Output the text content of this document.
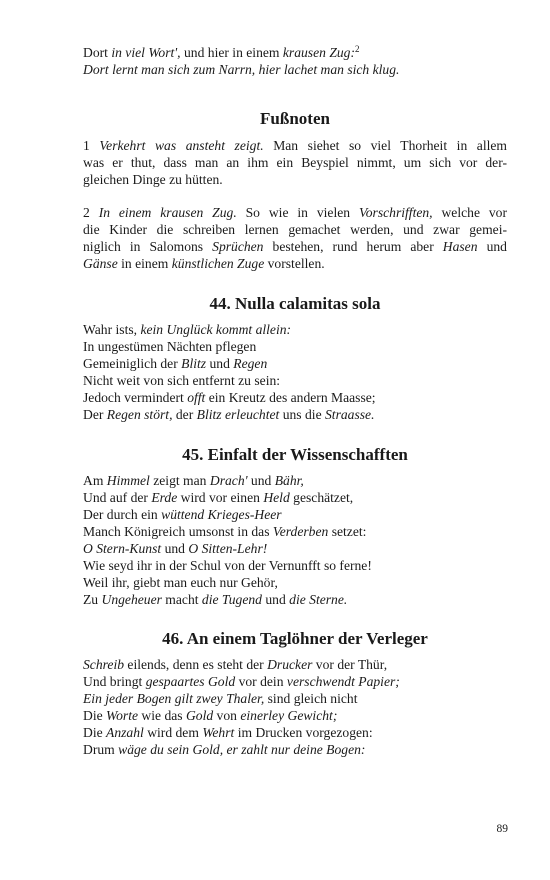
Dort in viel Wort', und hier in einem krausen Zug:$^2$
Dort lernt man sich zum Narrn, hier lachet man sich klug.
Fußnoten
1 Verkehrt was ansteht zeigt. Man siehet so viel Thorheit in allem
was er thut, dass man an ihm ein Beyspiel nimmt, um sich vor der-
gleichen Dinge zu hütten.
2 In einem krausen Zug. So wie in vielen Vorschrifften, welche vor
die Kinder die schreiben lernen gemachet werden, und zwar gemei-
niglich in Salomons Sprüchen bestehen, rund herum aber Hasen und
Gänse in einem künstlichen Zuge vorstellen.
44. Nulla calamitas sola
Wahr ists, kein Unglück kommt allein:
In ungestümen Nächten pflegen
Gemeiniglich der Blitz und Regen
Nicht weit von sich entfernt zu sein:
Jedoch vermindert offt ein Kreutz des andern Maasse;
Der Regen stört, der Blitz erleuchtet uns die Straasse.
45. Einfalt der Wissenschafften
Am Himmel zeigt man Drach' und Bähr,
Und auf der Erde wird vor einen Held geschätzet,
Der durch ein wüttend Krieges-Heer
Manch Königreich umsonst in das Verderben setzet:
O Stern-Kunst und O Sitten-Lehr!
Wie seyd ihr in der Schul von der Vernunfft so ferne!
Weil ihr, giebt man euch nur Gehör,
Zu Ungeheuer macht die Tugend und die Sterne.
46. An einem Taglöhner der Verleger
Schreib eilends, denn es steht der Drucker vor der Thür,
Und bringt gespaartes Gold vor dein verschwendt Papier;
Ein jeder Bogen gilt zwey Thaler, sind gleich nicht
Die Worte wie das Gold von einerley Gewicht;
Die Anzahl wird dem Wehrt im Drucken vorgezogen:
Drum wäge du sein Gold, er zahlt nur deine Bogen:
89
